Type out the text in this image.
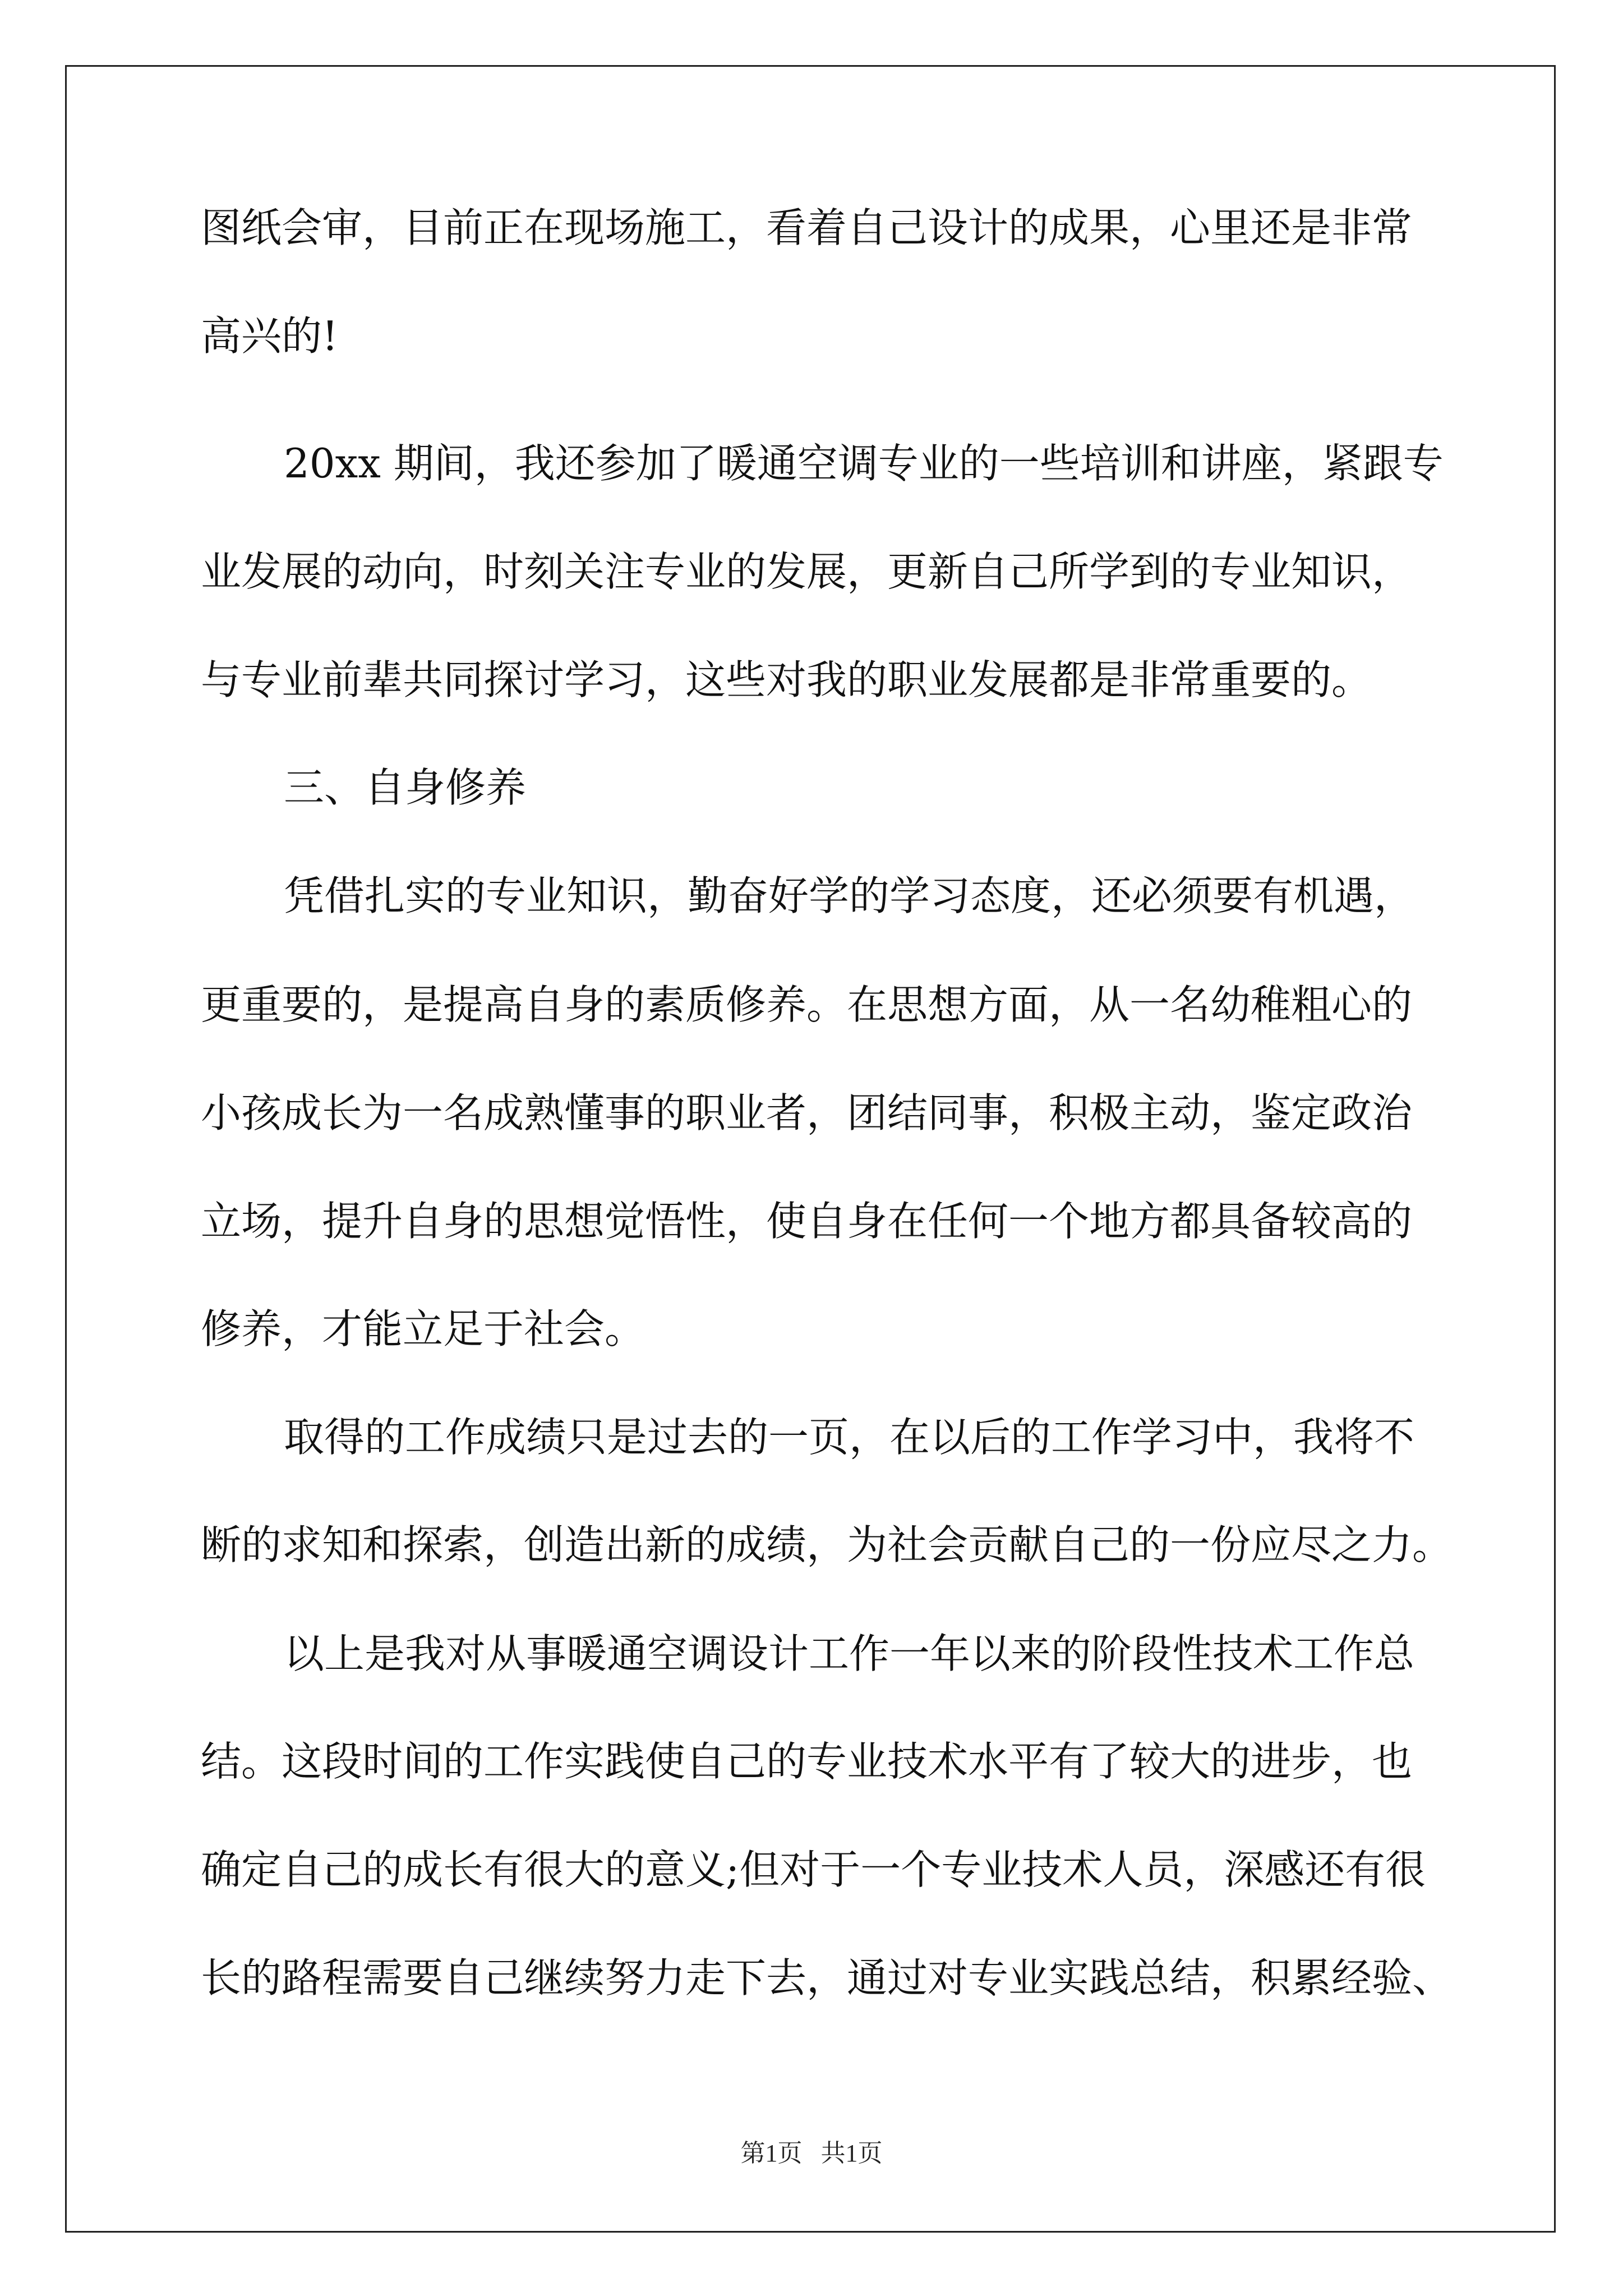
图纸会审，目前正在现场施工，看着自己设计的成果，心里还是非常
高兴的!
20xx 期间，我还参加了暖通空调专业的一些培训和讲座，紧跟专
业发展的动向，时刻关注专业的发展，更新自己所学到的专业知识，
与专业前辈共同探讨学习，这些对我的职业发展都是非常重要的。
三、自身修养
凭借扎实的专业知识，勤奋好学的学习态度，还必须要有机遇，
更重要的，是提高自身的素质修养。在思想方面，从一名幼稚粗心的
小孩成长为一名成熟懂事的职业者，团结同事，积极主动，鉴定政治
立场，提升自身的思想觉悟性，使自身在任何一个地方都具备较高的
修养，才能立足于社会。
取得的工作成绩只是过去的一页，在以后的工作学习中，我将不
断的求知和探索，创造出新的成绩，为社会贡献自己的一份应尽之力。
以上是我对从事暖通空调设计工作一年以来的阶段性技术工作总
结。这段时间的工作实践使自己的专业技术水平有了较大的进步，也
确定自己的成长有很大的意义;但对于一个专业技术人员，深感还有很
长的路程需要自己继续努力走下去，通过对专业实践总结，积累经验、
第1页   共1页
